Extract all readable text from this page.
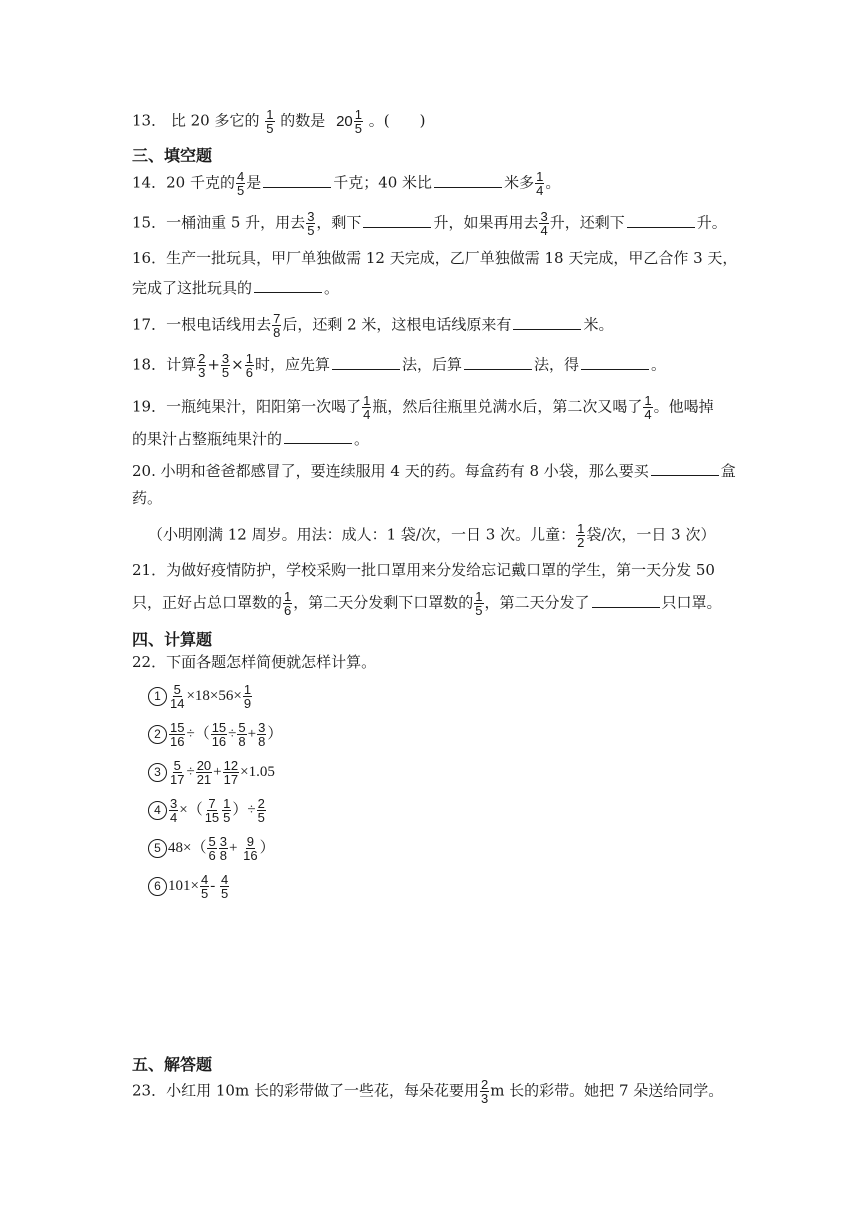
13． 比 20 多它的 $\frac{1}{5}$ 的数是 $20 \frac{1}{5}$ 。(　　)
三、填空题
14．20 千克的 $\frac{4}{5}$ 是	千克；40 米比	米多 $\frac{1}{4}$ 。
15．一桶油重 5 升，用去 $\frac{3}{5}$ ，剩下	升，如果再用去 $\frac{3}{4}$ 升，还剩下	升。
16．生产一批玩具，甲厂单独做需 12 天完成，乙厂单独做需 18 天完成，甲乙合作 3 天，
完成了这批玩具的	。
17．一根电话线用去 $\frac{7}{8}$ 后，还剩 2 米，这根电话线原来有	米。
18．计算 $\frac{2}{3} + \frac{3}{5} \times \frac{1}{6}$ 时，应先算	法，后算	法，得	。
19．一瓶纯果汁，阳阳第一次喝了 $\frac{1}{4}$ 瓶，然后往瓶里兑满水后，第二次又喝了 $\frac{1}{4}$ 。他喝掉
的果汁占整瓶纯果汁的	。
20. 小明和爸爸都感冒了，要连续服用 4 天的药。每盒药有 8 小袋，那么要买	盒
药。
（小明刚满 12 周岁。用法：成人：1 袋/次，一日 3 次。儿童： $\frac{1}{2}$ 袋/次，一日 3 次）
21．为做好疫情防护，学校采购一批口罩用来分发给忘记戴口罩的学生，第一天分发 50
只，正好占总口罩数的 $\frac{1}{6}$ ，第二天分发剩下口罩数的 $\frac{1}{5}$ ，第二天分发了	只口罩。
四、计算题
22．下面各题怎样简便就怎样计算。
$1 \frac{5}{14} \times 18\times 56\times \frac{1}{9}$
$2 \frac{15}{16}$ ÷（ $\frac{15}{16} \div \frac{5}{8} + \frac{3}{8}$ ）
$3 \frac{5}{17} \div \frac{20}{21} + \frac{12}{17} \times 1.05$
$4 \frac{3}{4}$ ×（ $\frac{7}{15} \frac{1}{5}$ ）÷ $\frac{2}{5}$
5 $48\times( \frac{5}{6} \frac{3}{8} + \frac{9}{16}$ ）
6 $101\times \frac{4}{5} - \frac{4}{5}$
五、解答题
23．小红用 10m 长的彩带做了一些花，每朵花要用 $\frac{2}{3}$ m 长的彩带。她把 7 朵送给同学。
